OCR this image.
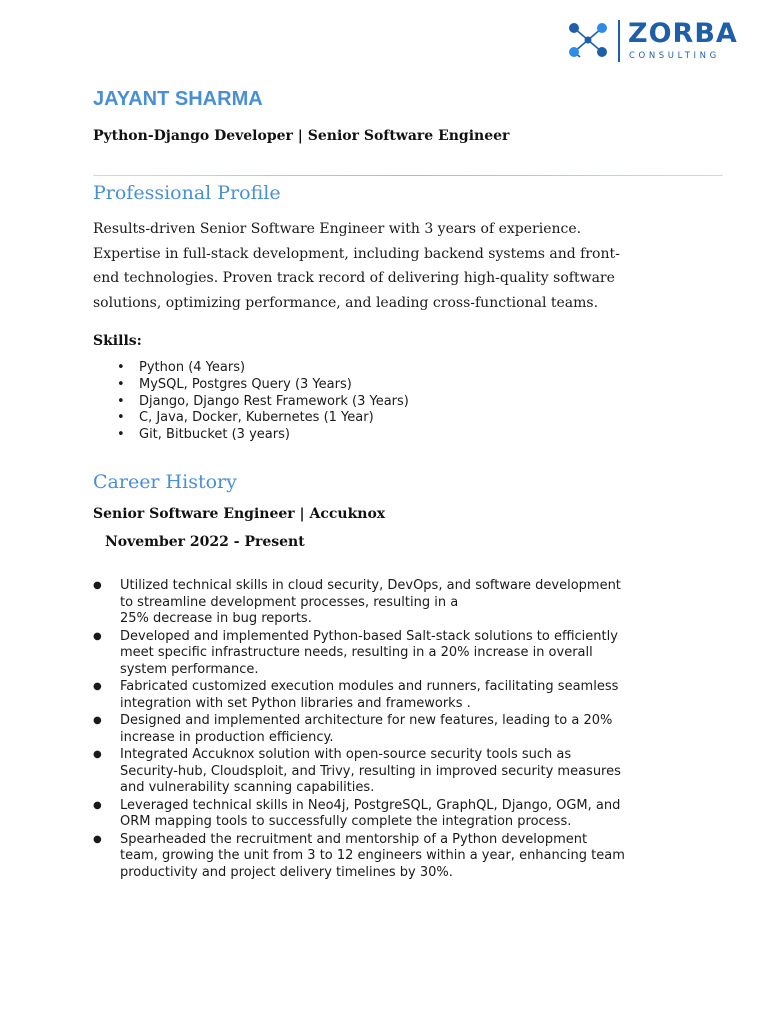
ZORBA
CONSULTING
JAYANT SHARMA
Python-Django Developer | Senior Software Engineer
Professional Profile
Results-driven Senior Software Engineer with 3 years of experience.
Expertise in full-stack development, including backend systems and front-
end technologies. Proven track record of delivering high-quality software
solutions, optimizing performance, and leading cross-functional teams.
Skills:
• Python (4 Years)
• MySQL, Postgres Query (3 Years)
• Django, Django Rest Framework (3 Years)
• C, Java, Docker, Kubernetes (1 Year)
• Git, Bitbucket (3 years)
Career History
Senior Software Engineer | Accuknox
November 2022 - Present
● Utilized technical skills in cloud security, DevOps, and software development
to streamline development processes, resulting in a
25% decrease in bug reports.
● Developed and implemented Python-based Salt-stack solutions to efficiently
meet specific infrastructure needs, resulting in a 20% increase in overall
system performance.
● Fabricated customized execution modules and runners, facilitating seamless
integration with set Python libraries and frameworks .
● Designed and implemented architecture for new features, leading to a 20%
increase in production efficiency.
● Integrated Accuknox solution with open-source security tools such as
Security-hub, Cloudsploit, and Trivy, resulting in improved security measures
and vulnerability scanning capabilities.
● Leveraged technical skills in Neo4j, PostgreSQL, GraphQL, Django, OGM, and
ORM mapping tools to successfully complete the integration process.
● Spearheaded the recruitment and mentorship of a Python development
team, growing the unit from 3 to 12 engineers within a year, enhancing team
productivity and project delivery timelines by 30%.
